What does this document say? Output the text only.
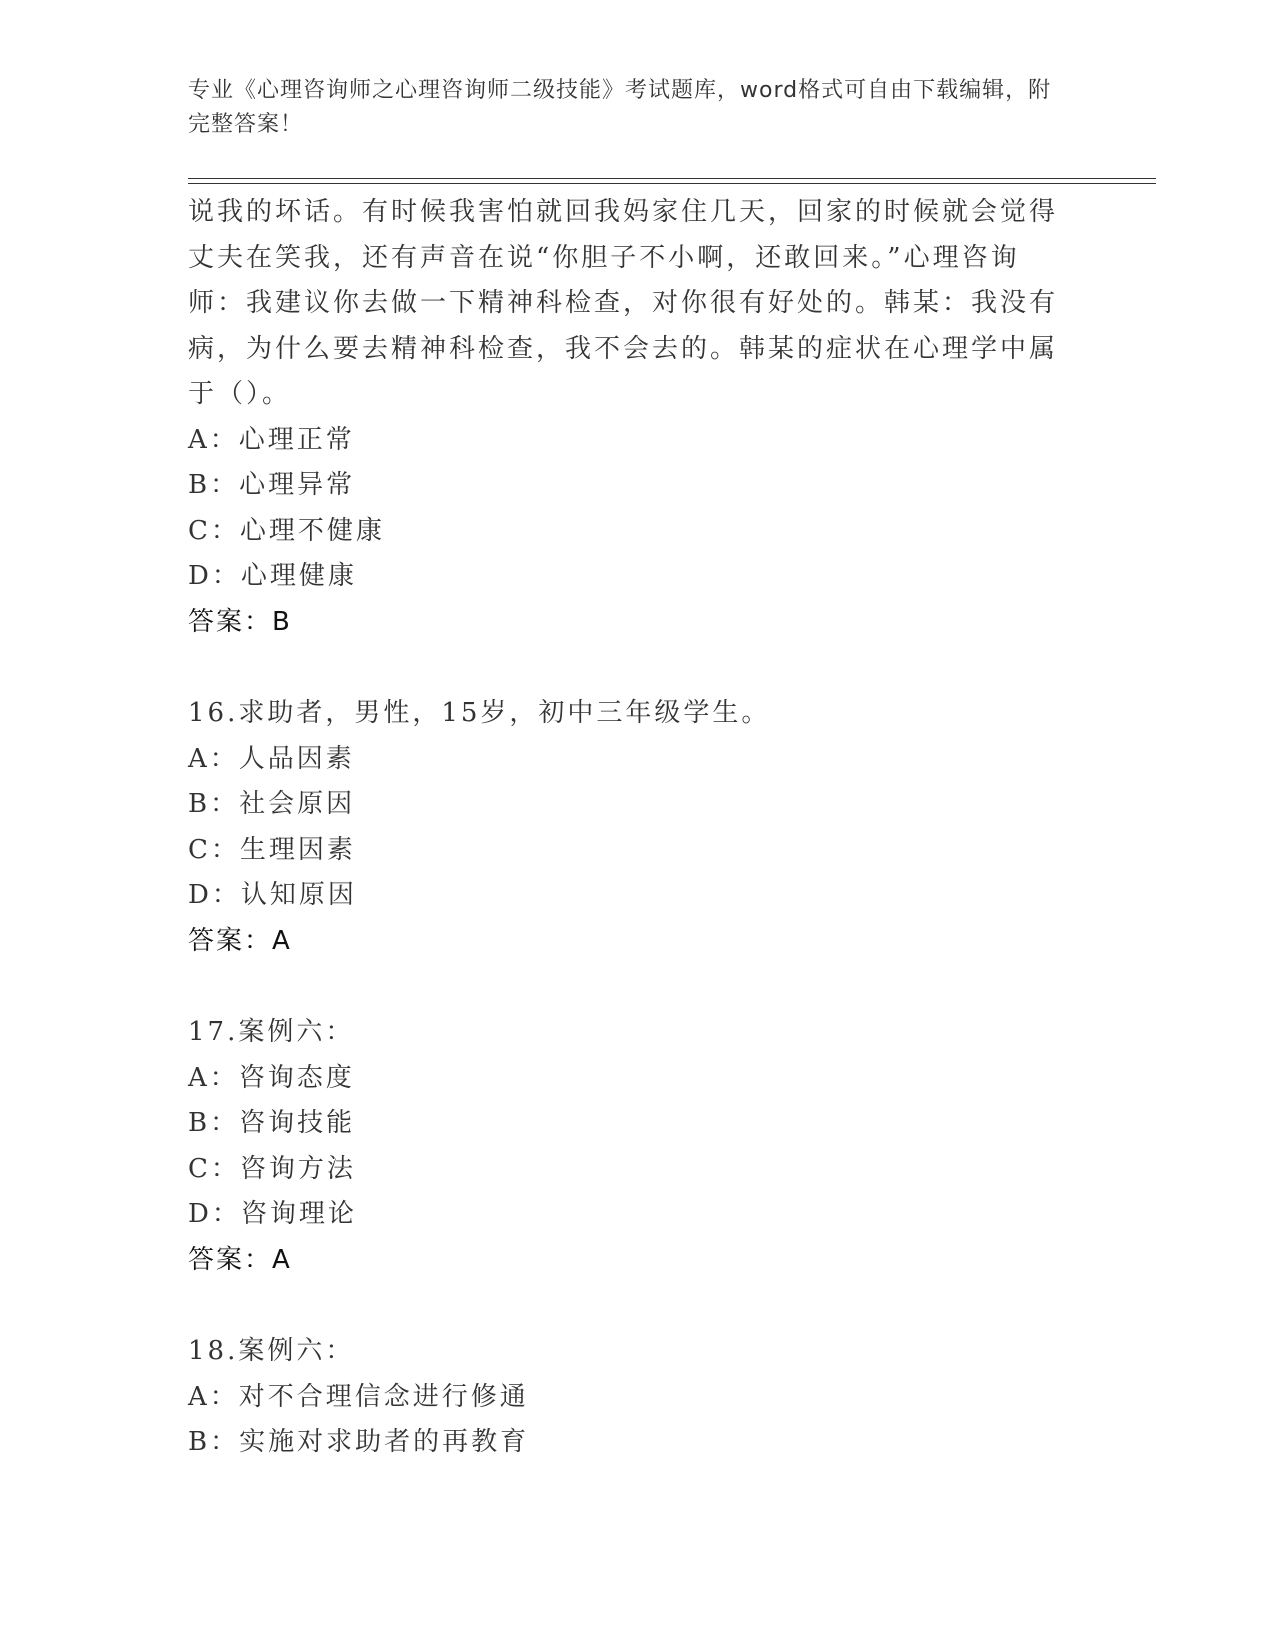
专业《心理咨询师之心理咨询师二级技能》考试题库，word格式可自由下载编辑，附完整答案！

说我的坏话。有时候我害怕就回我妈家住几天，回家的时候就会觉得丈夫在笑我，还有声音在说“你胆子不小啊，还敢回来。”心理咨询师：我建议你去做一下精神科检查，对你很有好处的。韩某：我没有病，为什么要去精神科检查，我不会去的。韩某的症状在心理学中属于（）。

A：心理正常
B：心理异常
C：心理不健康
D：心理健康
答案：B
16.求助者，男性，15岁，初中三年级学生。
A：人品因素
B：社会原因
C：生理因素
D：认知原因
答案：A
17.案例六：
A：咨询态度
B：咨询技能
C：咨询方法
D：咨询理论
答案：A
18.案例六：
A：对不合理信念进行修通
B：实施对求助者的再教育
